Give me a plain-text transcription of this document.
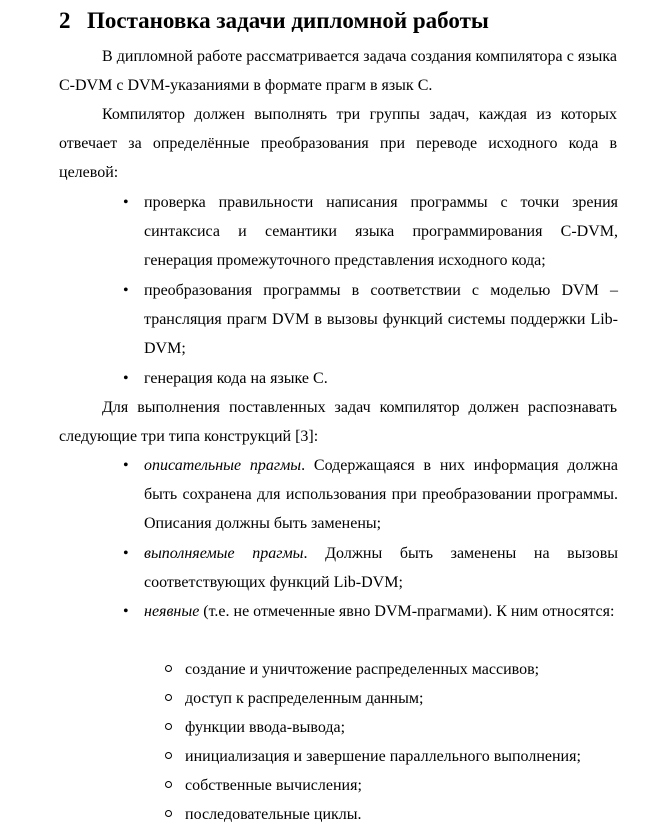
2 Постановка задачи дипломной работы

В дипломной работе рассматривается задача создания компилятора с языка C-DVM с DVM-указаниями в формате прагм в язык С.

Компилятор должен выполнять три группы задач, каждая из которых отвечает за определённые преобразования при переводе исходного кода в целевой:

• проверка правильности написания программы с точки зрения синтаксиса и семантики языка программирования C-DVM, генерация промежуточного представления исходного кода;

• преобразования программы в соответствии с моделью DVM – трансляция прагм DVM в вызовы функций системы поддержки Lib-DVM;

• генерация кода на языке С.

Для выполнения поставленных задач компилятор должен распознавать следующие три типа конструкций [3]:

• описательные прагмы. Содержащаяся в них информация должна быть сохранена для использования при преобразовании программы. Описания должны быть заменены;

• выполняемые прагмы. Должны быть заменены на вызовы соответствующих функций Lib-DVM;

• неявные (т.е. не отмеченные явно DVM-прагмами). К ним относятся:

создание и уничтожение распределенных массивов;

доступ к распределенным данным;

функции ввода-вывода;

инициализация и завершение параллельного выполнения;

собственные вычисления;

последовательные циклы.
